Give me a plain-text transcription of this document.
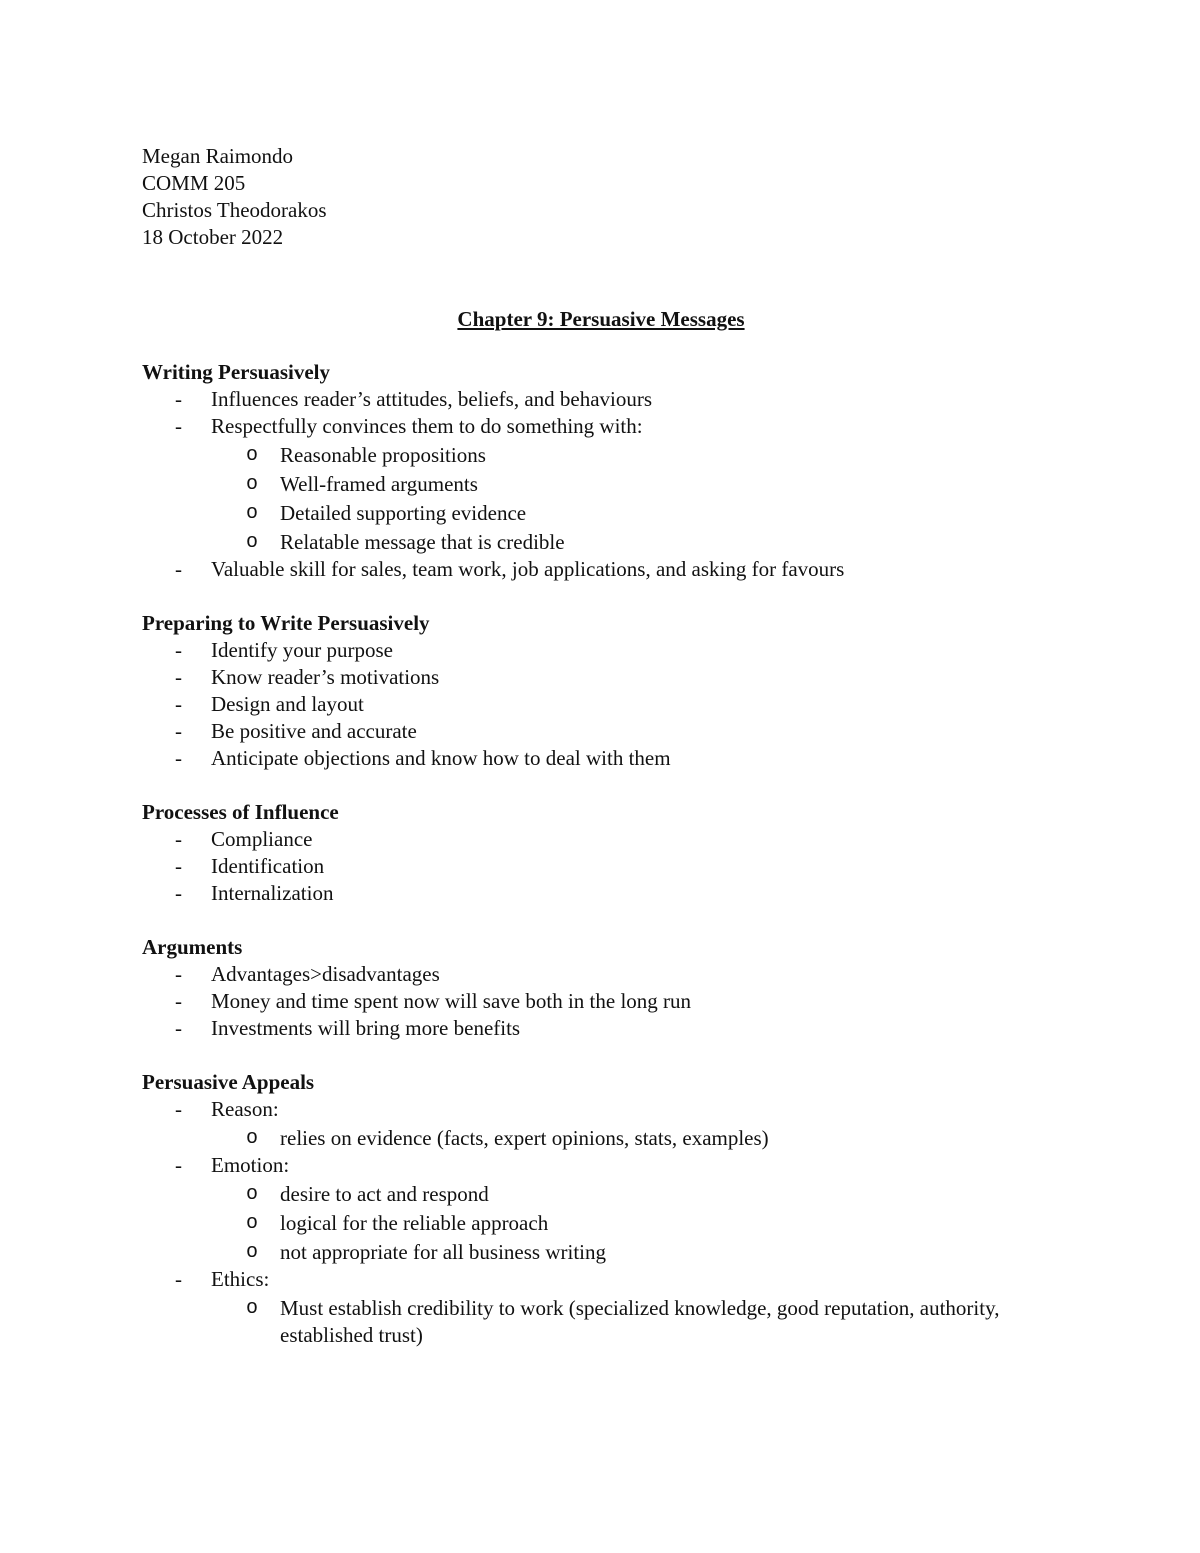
Megan Raimondo

COMM 205

Christos Theodorakos

18 October 2022

Chapter 9: Persuasive Messages

Writing Persuasively

- Influences reader’s attitudes, beliefs, and behaviours
- Respectfully convinces them to do something with:
o Reasonable propositions
o Well-framed arguments
o Detailed supporting evidence
o Relatable message that is credible
- Valuable skill for sales, team work, job applications, and asking for favours

Preparing to Write Persuasively

- Identify your purpose
- Know reader’s motivations
- Design and layout
- Be positive and accurate
- Anticipate objections and know how to deal with them

Processes of Influence

- Compliance
- Identification
- Internalization

Arguments

- Advantages>disadvantages
- Money and time spent now will save both in the long run
- Investments will bring more benefits

Persuasive Appeals

- Reason:
o relies on evidence (facts, expert opinions, stats, examples)
- Emotion:
o desire to act and respond
o logical for the reliable approach
o not appropriate for all business writing
- Ethics:
o Must establish credibility to work (specialized knowledge, good reputation, authority, established trust)
